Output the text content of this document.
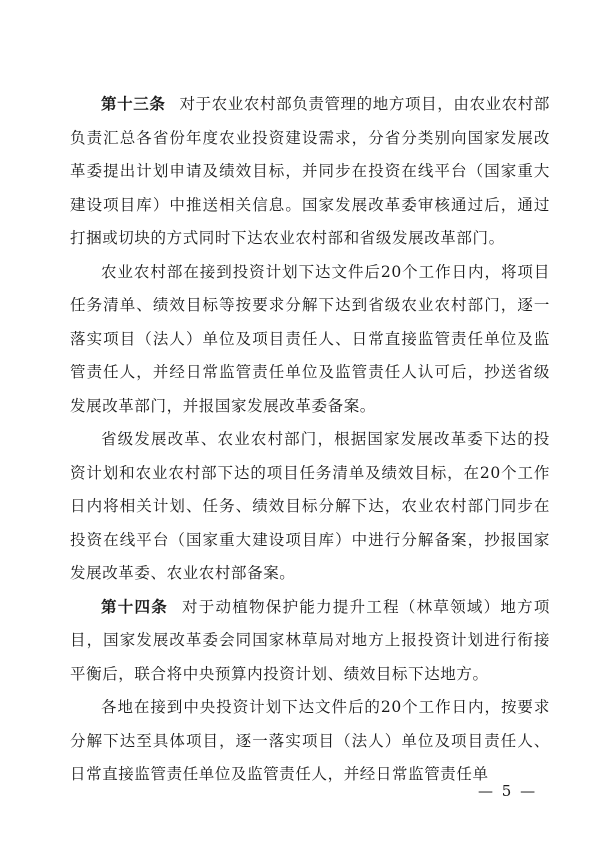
第十三条 对于农业农村部负责管理的地方项目，由农业农村部负责汇总各省份年度农业投资建设需求，分省分类别向国家发展改革委提出计划申请及绩效目标，并同步在投资在线平台（国家重大建设项目库）中推送相关信息。国家发展改革委审核通过后，通过打捆或切块的方式同时下达农业农村部和省级发展改革部门。

农业农村部在接到投资计划下达文件后20个工作日内，将项目任务清单、绩效目标等按要求分解下达到省级农业农村部门，逐一落实项目（法人）单位及项目责任人、日常直接监管责任单位及监管责任人，并经日常监管责任单位及监管责任人认可后，抄送省级发展改革部门，并报国家发展改革委备案。

省级发展改革、农业农村部门，根据国家发展改革委下达的投资计划和农业农村部下达的项目任务清单及绩效目标，在20个工作日内将相关计划、任务、绩效目标分解下达，农业农村部门同步在投资在线平台（国家重大建设项目库）中进行分解备案，抄报国家发展改革委、农业农村部备案。

第十四条 对于动植物保护能力提升工程（林草领域）地方项目，国家发展改革委会同国家林草局对地方上报投资计划进行衔接平衡后，联合将中央预算内投资计划、绩效目标下达地方。

各地在接到中央投资计划下达文件后的20个工作日内，按要求分解下达至具体项目，逐一落实项目（法人）单位及项目责任人、日常直接监管责任单位及监管责任人，并经日常监管责任单

— 5 —
